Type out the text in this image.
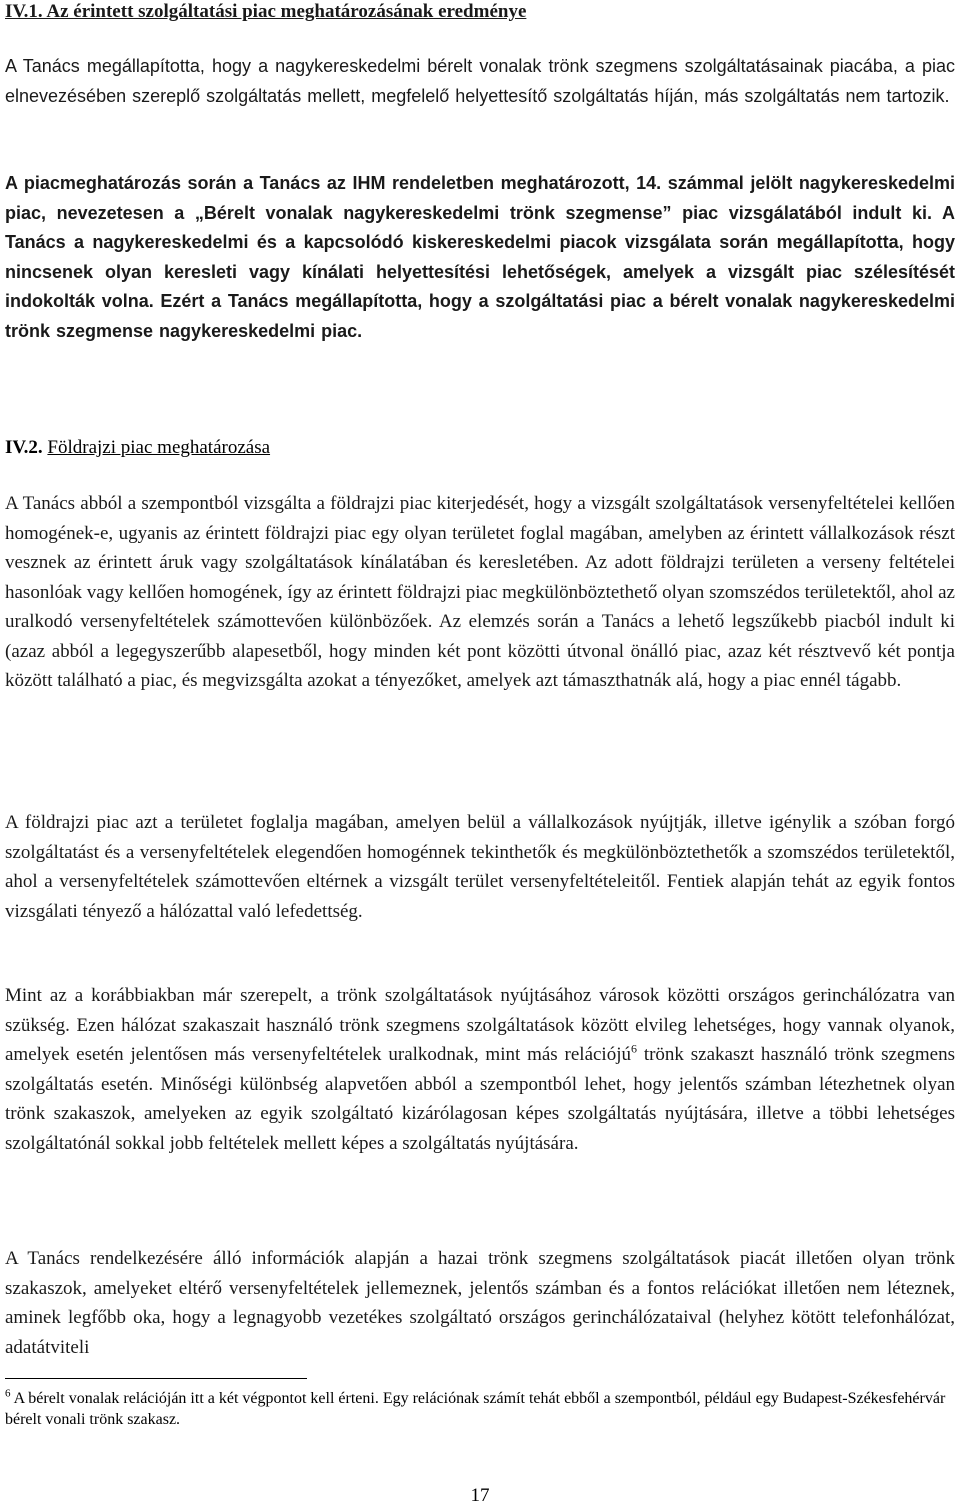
IV.1. Az érintett szolgáltatási piac meghatározásának eredménye
A Tanács megállapította, hogy a nagykereskedelmi bérelt vonalak trönk szegmens szolgáltatásainak piacába, a piac elnevezésében szereplő szolgáltatás mellett, megfelelő helyettesítő szolgáltatás híján, más szolgáltatás nem tartozik.
A piacmeghatározás során a Tanács az IHM rendeletben meghatározott, 14. számmal jelölt nagykereskedelmi piac, nevezetesen a „Bérelt vonalak nagykereskedelmi trönk szegmense” piac vizsgálatából indult ki. A Tanács a nagykereskedelmi és a kapcsolódó kiskereskedelmi piacok vizsgálata során megállapította, hogy nincsenek olyan keresleti vagy kínálati helyettesítési lehetőségek, amelyek a vizsgált piac szélesítését indokolták volna. Ezért a Tanács megállapította, hogy a szolgáltatási piac a bérelt vonalak nagykereskedelmi trönk szegmense nagykereskedelmi piac.
IV.2. Földrajzi piac meghatározása
A Tanács abból a szempontból vizsgálta a földrajzi piac kiterjedését, hogy a vizsgált szolgáltatások versenyfeltételei kellően homogének-e, ugyanis az érintett földrajzi piac egy olyan területet foglal magában, amelyben az érintett vállalkozások részt vesznek az érintett áruk vagy szolgáltatások kínálatában és keresletében. Az adott földrajzi területen a verseny feltételei hasonlóak vagy kellően homogének, így az érintett földrajzi piac megkülönböztethető olyan szomszédos területektől, ahol az uralkodó versenyfeltételek számottevően különbözőek. Az elemzés során a Tanács a lehető legszűkebb piacból indult ki (azaz abból a legegyszerűbb alapesetből, hogy minden két pont közötti útvonal önálló piac, azaz két résztvevő két pontja között található a piac, és megvizsgálta azokat a tényezőket, amelyek azt támaszthatnák alá, hogy a piac ennél tágabb.
A földrajzi piac azt a területet foglalja magában, amelyen belül a vállalkozások nyújtják, illetve igénylik a szóban forgó szolgáltatást és a versenyfeltételek elegendően homogénnek tekinthetők és megkülönböztethetők a szomszédos területektől, ahol a versenyfeltételek számottevően eltérnek a vizsgált terület versenyfeltételeitől. Fentiek alapján tehát az egyik fontos vizsgálati tényező a hálózattal való lefedettség.
Mint az a korábbiakban már szerepelt, a trönk szolgáltatások nyújtásához városok közötti országos gerinchálózatra van szükség. Ezen hálózat szakaszait használó trönk szegmens szolgáltatások között elvileg lehetséges, hogy vannak olyanok, amelyek esetén jelentősen más versenyfeltételek uralkodnak, mint más relációjú$^6$ trönk szakaszt használó trönk szegmens szolgáltatás esetén. Minőségi különbség alapvetően abból a szempontból lehet, hogy jelentős számban létezhetnek olyan trönk szakaszok, amelyeken az egyik szolgáltató kizárólagosan képes szolgáltatás nyújtására, illetve a többi lehetséges szolgáltatónál sokkal jobb feltételek mellett képes a szolgáltatás nyújtására.
A Tanács rendelkezésére álló információk alapján a hazai trönk szegmens szolgáltatások piacát illetően olyan trönk szakaszok, amelyeket eltérő versenyfeltételek jellemeznek, jelentős számban és a fontos relációkat illetően nem léteznek, aminek legfőbb oka, hogy a legnagyobb vezetékes szolgáltató országos gerinchálózataival (helyhez kötött telefonhálózat, adatátviteli
$^6$ A bérelt vonalak relációján itt a két végpontot kell érteni. Egy relációnak számít tehát ebből a szempontból, például egy Budapest-Székesfehérvár bérelt vonali trönk szakasz.
17
